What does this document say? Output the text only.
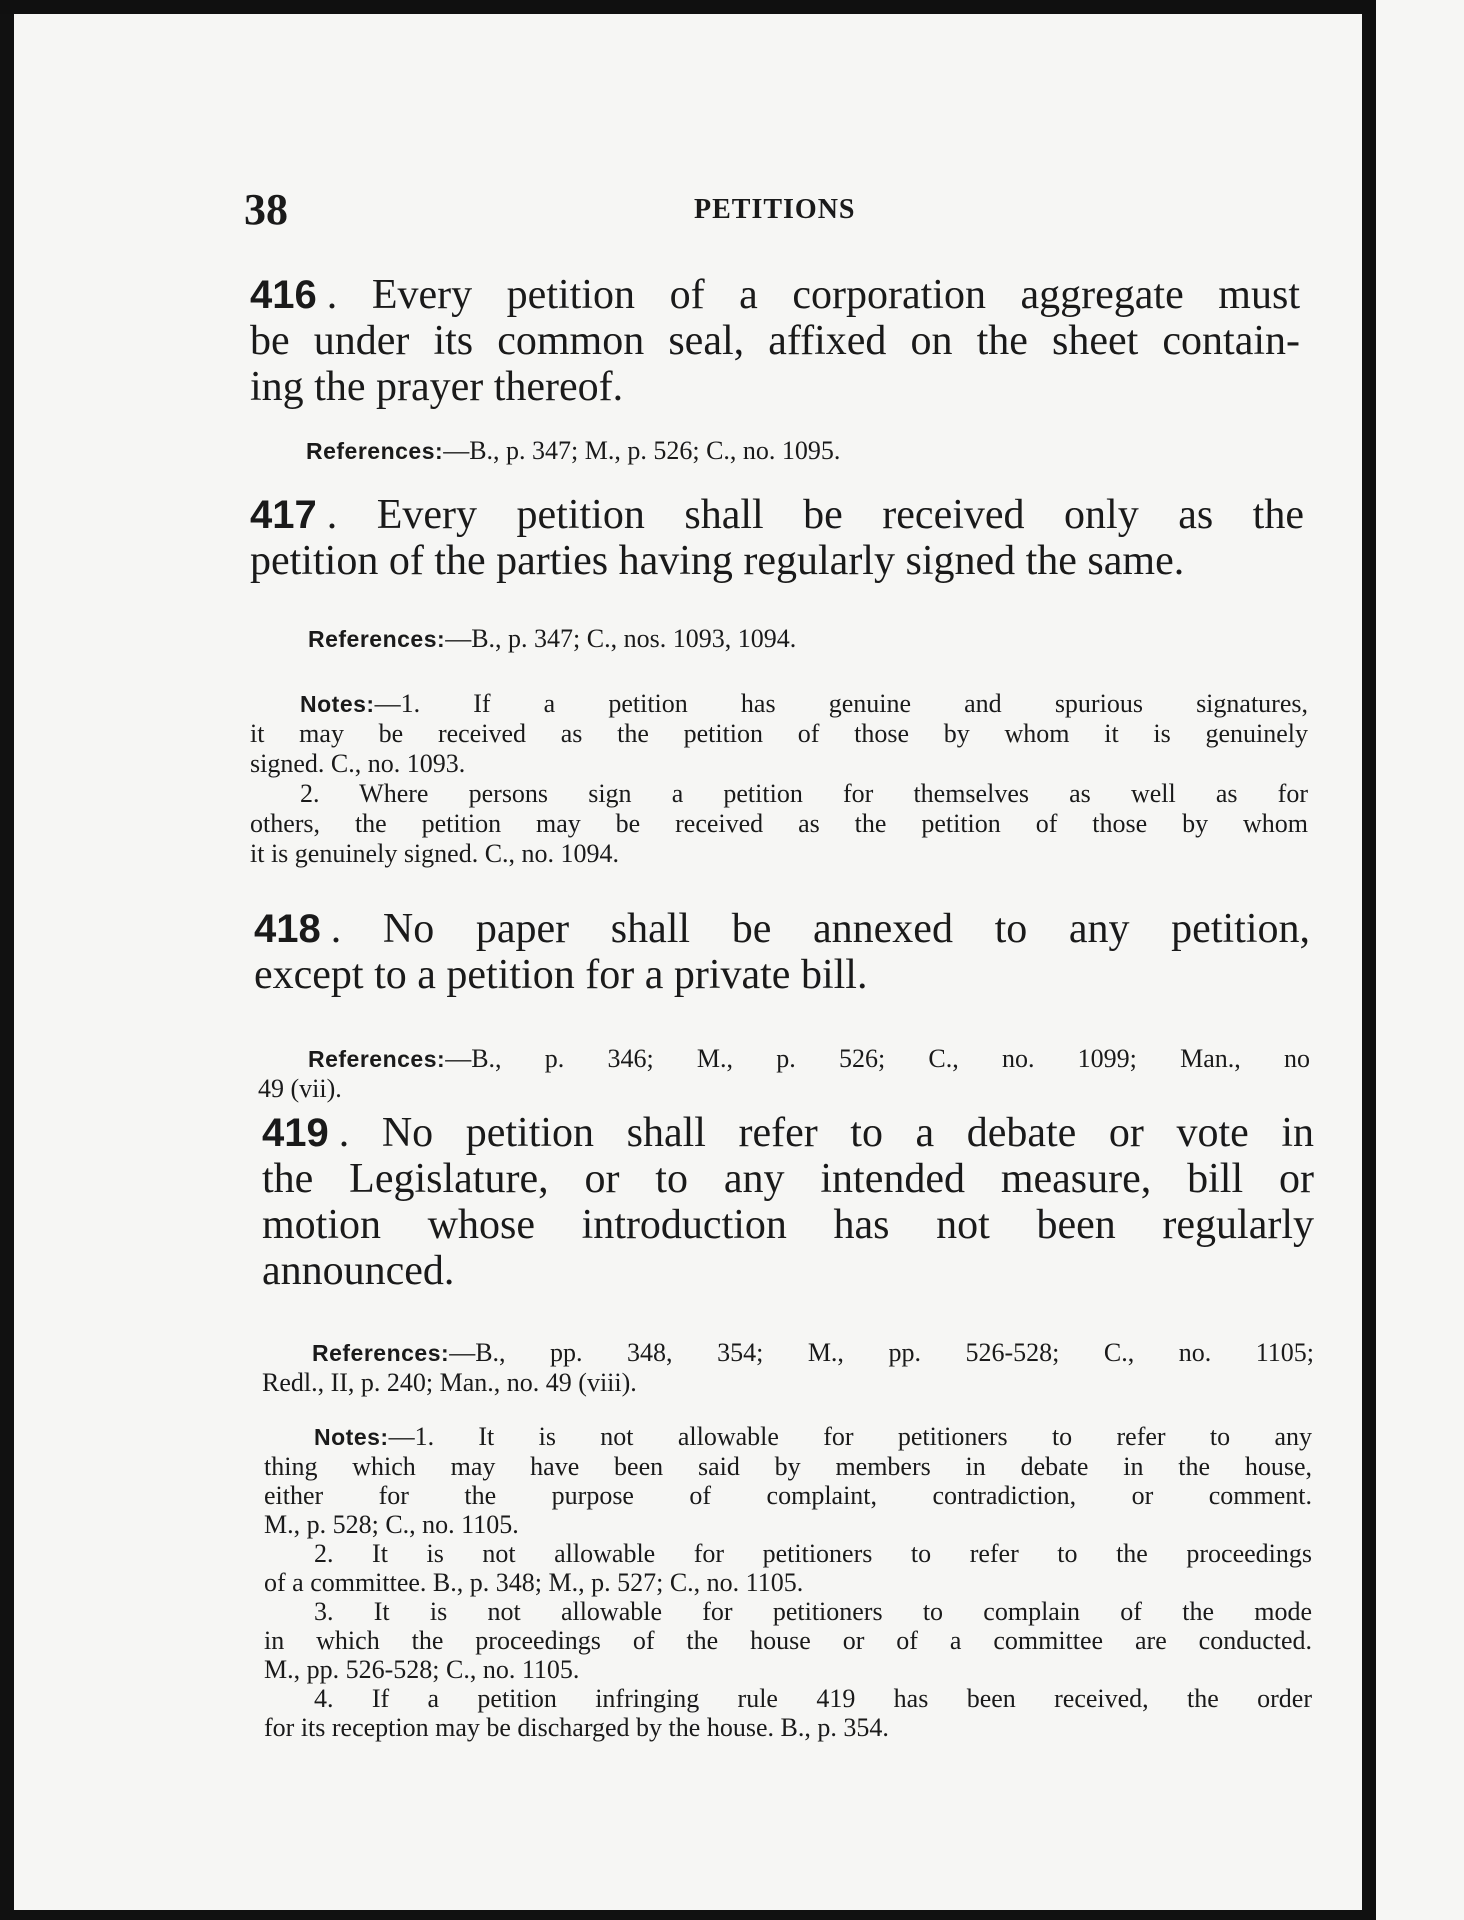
38	PETITIONS
416 . Every petition of a corporation aggregate must
be under its common seal, affixed on the sheet contain-
ing the prayer thereof.
References:—B., p. 347; M., p. 526; C., no. 1095.
417 . Every petition shall be received only as the
petition of the parties having regularly signed the same.
References:—B., p. 347; C., nos. 1093, 1094.
Notes:—1. If a petition has genuine and spurious signatures,
it may be received as the petition of those by whom it is genuinely
signed. C., no. 1093.
2. Where persons sign a petition for themselves as well as for
others, the petition may be received as the petition of those by whom
it is genuinely signed. C., no. 1094.
418 . No paper shall be annexed to any petition,
except to a petition for a private bill.
References:—B., p. 346; M., p. 526; C., no. 1099; Man., no
49 (vii).
419 . No petition shall refer to a debate or vote in
the Legislature, or to any intended measure, bill or
motion whose introduction has not been regularly
announced.
References:—B., pp. 348, 354; M., pp. 526-528; C., no. 1105;
Redl., II, p. 240; Man., no. 49 (viii).
Notes:—1. It is not allowable for petitioners to refer to any
thing which may have been said by members in debate in the house,
either for the purpose of complaint, contradiction, or comment.
M., p. 528; C., no. 1105.
2. It is not allowable for petitioners to refer to the proceedings
of a committee. B., p. 348; M., p. 527; C., no. 1105.
3. It is not allowable for petitioners to complain of the mode
in which the proceedings of the house or of a committee are conducted.
M., pp. 526-528; C., no. 1105.
4. If a petition infringing rule 419 has been received, the order
for its reception may be discharged by the house. B., p. 354.
